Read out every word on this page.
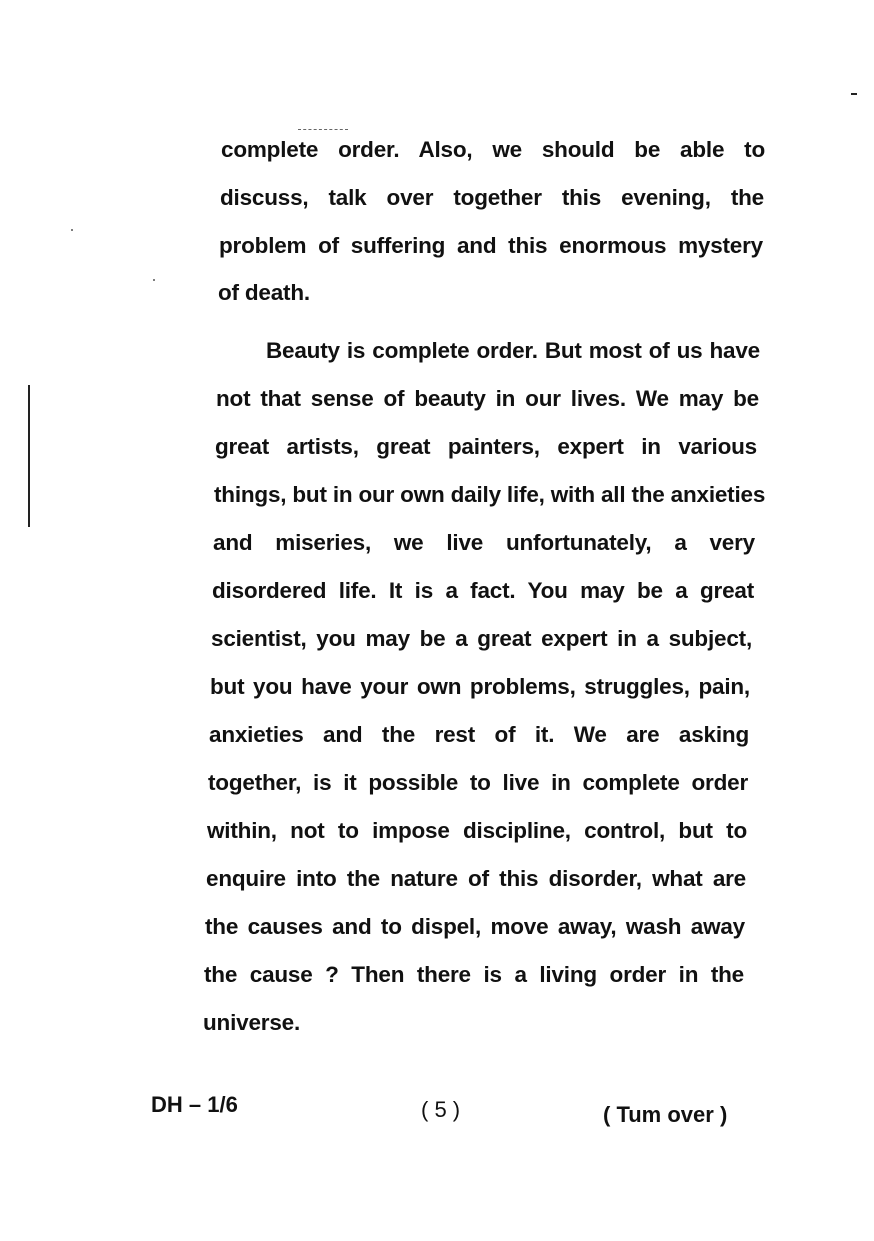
complete order. Also, we should be able to
discuss, talk over together this evening, the
problem of suffering and this enormous mystery
of death.
Beauty is complete order. But most of us have
not that sense of beauty in our lives. We may be
great artists, great painters, expert in various
things, but in our own daily life, with all the anxieties
and miseries, we live unfortunately, a very
disordered life. It is a fact. You may be a great
scientist, you may be a great expert in a subject,
but you have your own problems, struggles, pain,
anxieties and the rest of it. We are asking
together, is it possible to live in complete order
within, not to impose discipline, control, but to
enquire into the nature of this disorder, what are
the causes and to dispel, move away, wash away
the cause ? Then there is a living order in the
universe.
DH – 1/6	( 5 )	( Tum over )
